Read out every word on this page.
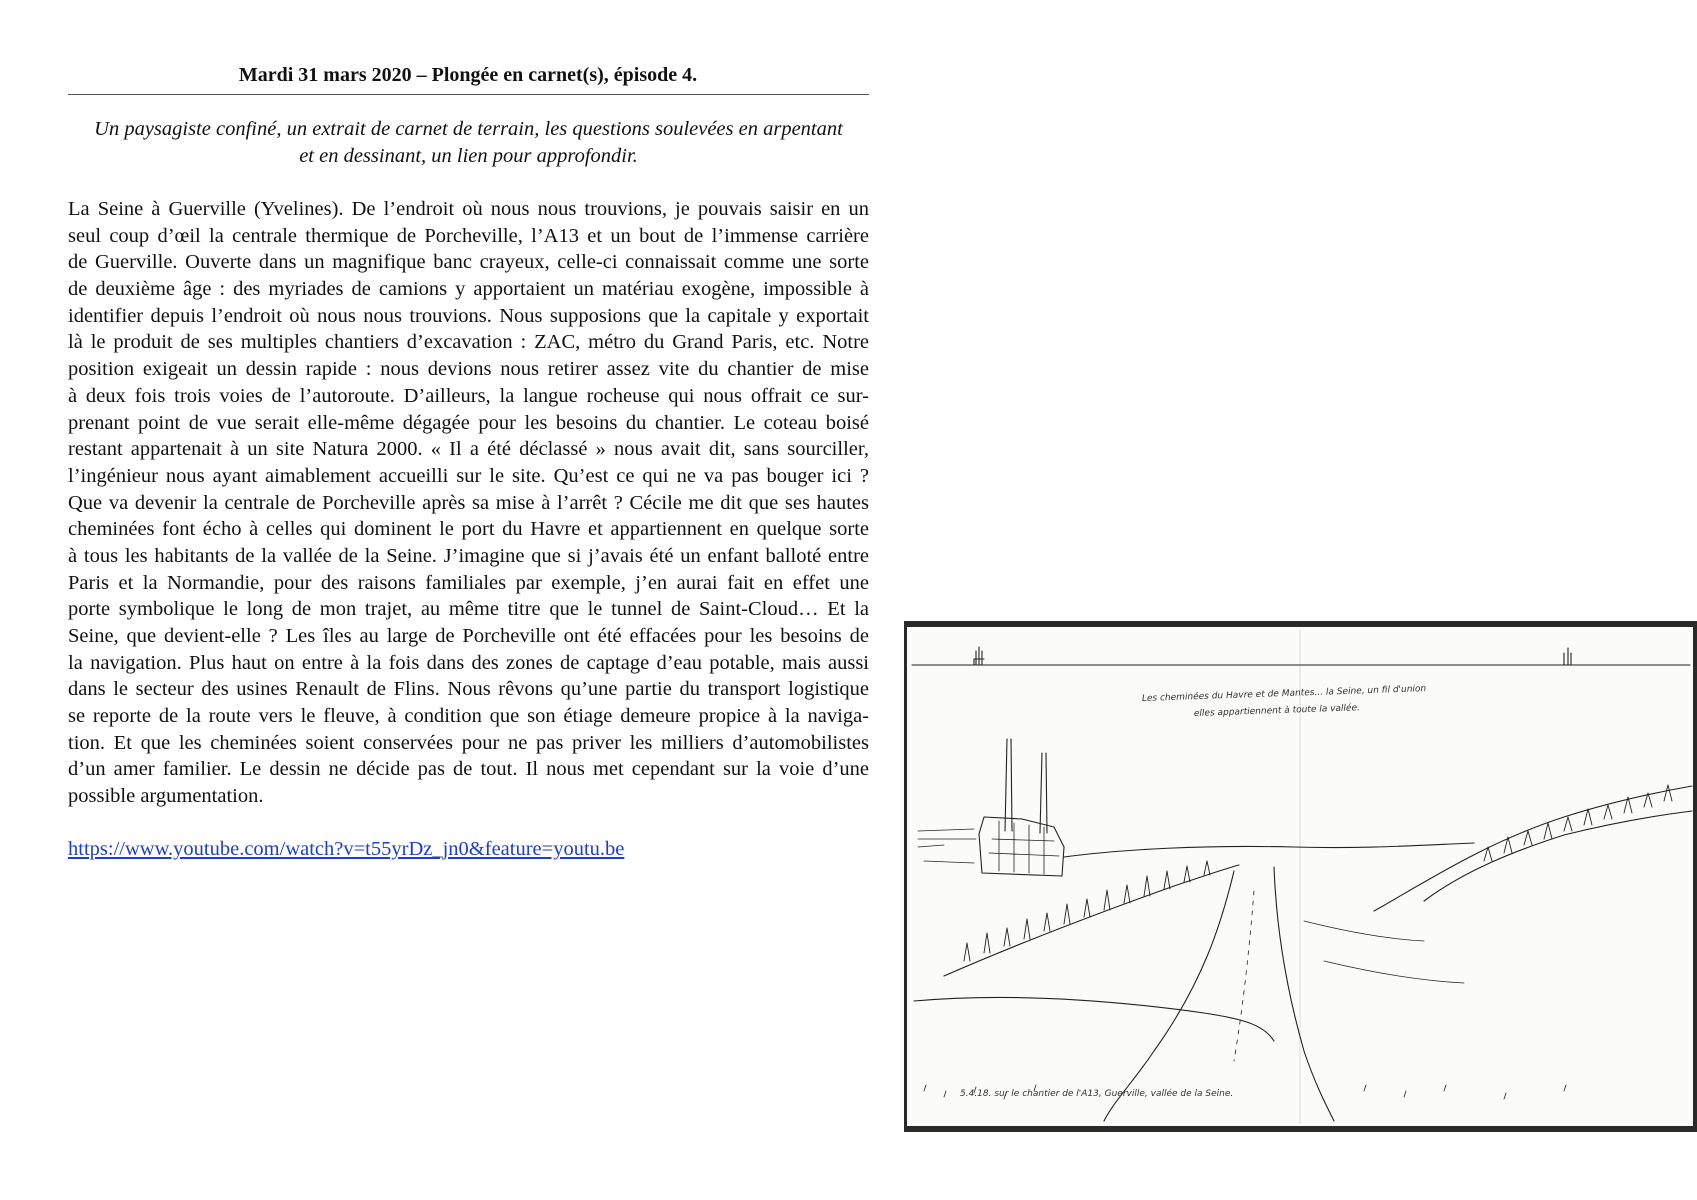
Mardi 31 mars 2020 – Plongée en carnet(s), épisode 4.
Un paysagiste confiné, un extrait de carnet de terrain, les questions soulevées en arpentant
et en dessinant, un lien pour approfondir.
La Seine à Guerville (Yvelines). De l’endroit où nous nous trouvions, je pouvais saisir en un
seul coup d’œil la centrale thermique de Porcheville, l’A13 et un bout de l’immense carrière
de Guerville. Ouverte dans un magnifique banc crayeux, celle-ci connaissait comme une sorte
de deuxième âge : des myriades de camions y apportaient un matériau exogène, impossible à
identifier depuis l’endroit où nous nous trouvions. Nous supposions que la capitale y exportait
là le produit de ses multiples chantiers d’excavation : ZAC, métro du Grand Paris, etc. Notre
position exigeait un dessin rapide : nous devions nous retirer assez vite du chantier de mise
à deux fois trois voies de l’autoroute. D’ailleurs, la langue rocheuse qui nous offrait ce sur-
prenant point de vue serait elle-même dégagée pour les besoins du chantier. Le coteau boisé
restant appartenait à un site Natura 2000. « Il a été déclassé » nous avait dit, sans sourciller,
l’ingénieur nous ayant aimablement accueilli sur le site. Qu’est ce qui ne va pas bouger ici ?
Que va devenir la centrale de Porcheville après sa mise à l’arrêt ? Cécile me dit que ses hautes
cheminées font écho à celles qui dominent le port du Havre et appartiennent en quelque sorte
à tous les habitants de la vallée de la Seine. J’imagine que si j’avais été un enfant balloté entre
Paris et la Normandie, pour des raisons familiales par exemple, j’en aurai fait en effet une
porte symbolique le long de mon trajet, au même titre que le tunnel de Saint-Cloud… Et la
Seine, que devient-elle ? Les îles au large de Porcheville ont été effacées pour les besoins de
la navigation. Plus haut on entre à la fois dans des zones de captage d’eau potable, mais aussi
dans le secteur des usines Renault de Flins. Nous rêvons qu’une partie du transport logistique
se reporte de la route vers le fleuve, à condition que son étiage demeure propice à la naviga-
tion. Et que les cheminées soient conservées pour ne pas priver les milliers d’automobilistes
d’un amer familier. Le dessin ne décide pas de tout. Il nous met cependant sur la voie d’une
possible argumentation.
https://www.youtube.com/watch?v=t55yrDz_jn0&feature=youtu.be
Les cheminées du Havre et de Mantes... la Seine, un fil d'union
elles appartiennent à toute la vallée.
5.4.18. sur le chantier de l'A13, Guerville, vallée de la Seine.
